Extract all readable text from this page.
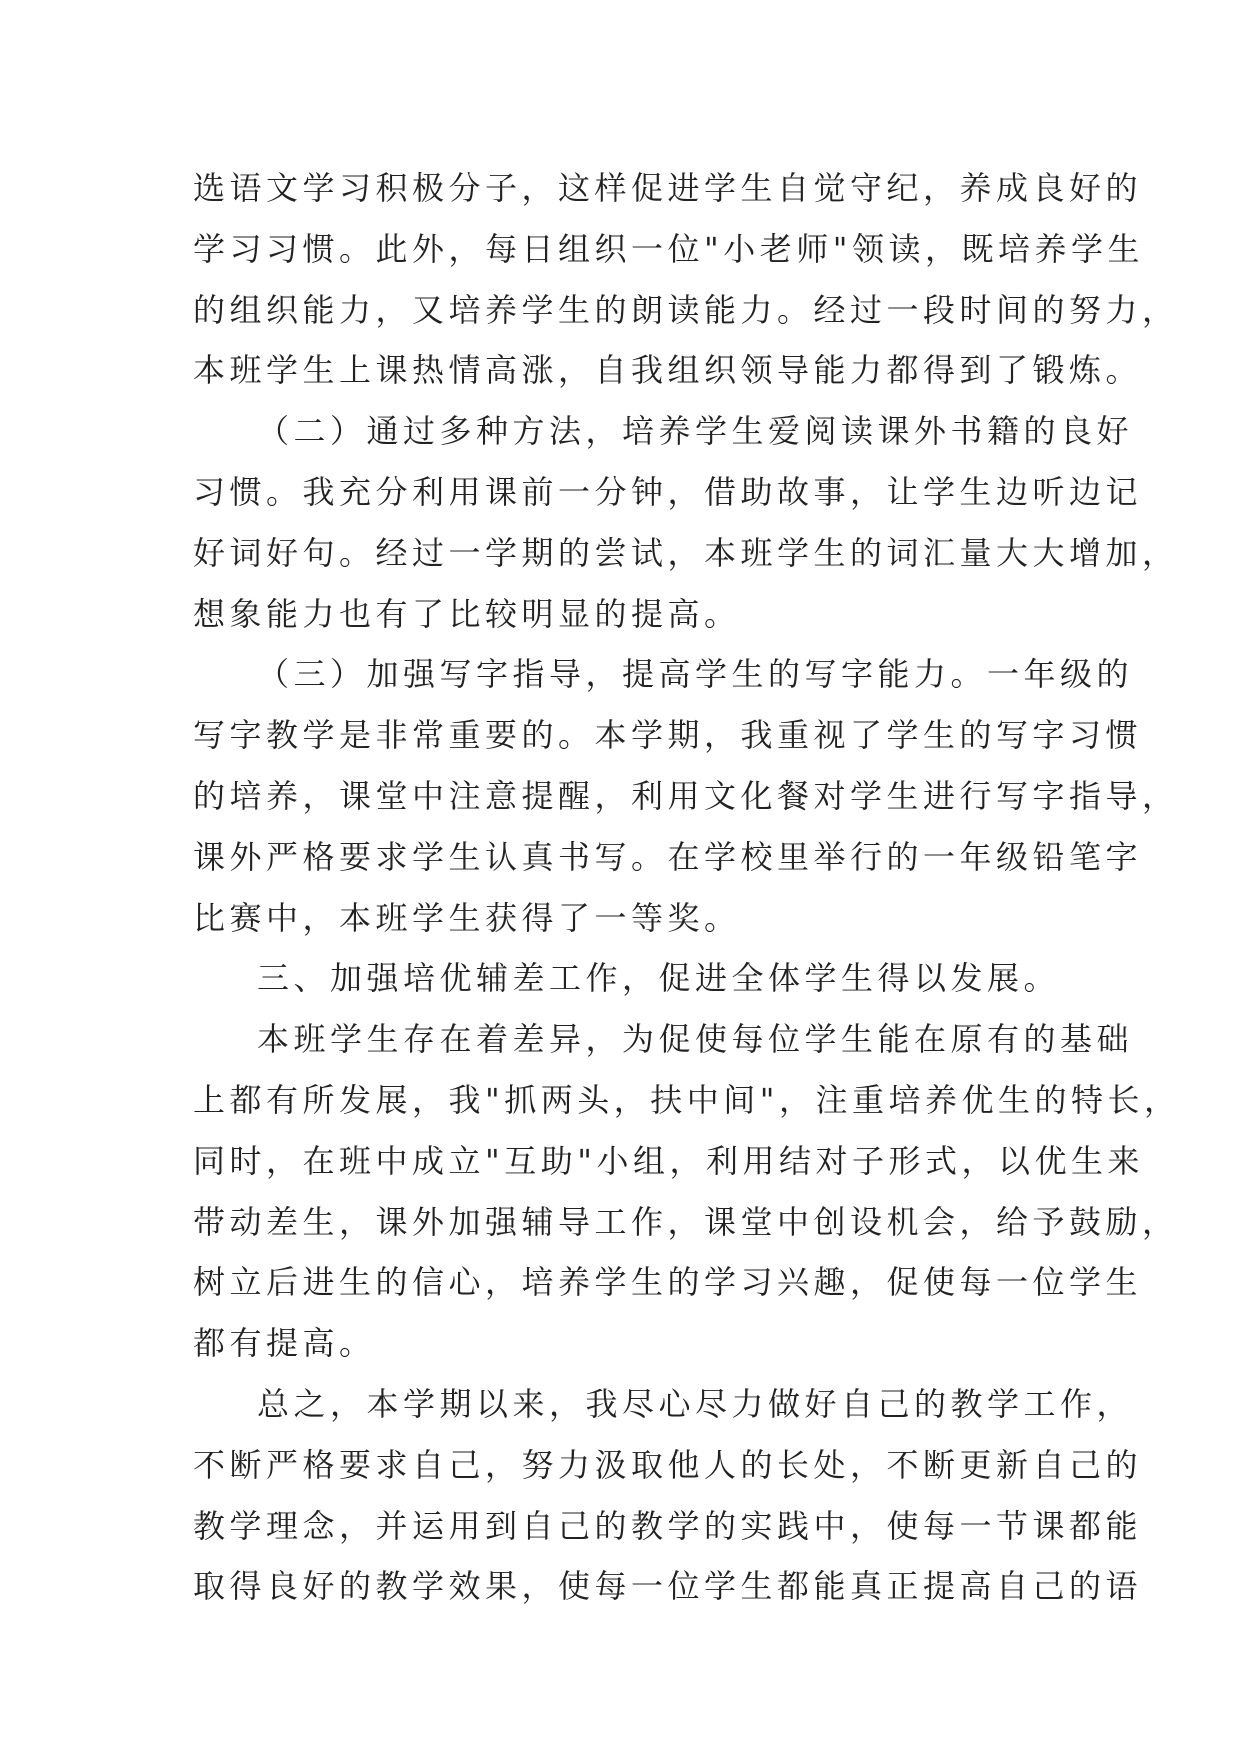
选语文学习积极分子，这样促进学生自觉守纪，养成良好的
学习习惯。此外，每日组织一位"小老师"领读，既培养学生
的组织能力，又培养学生的朗读能力。经过一段时间的努力，
本班学生上课热情高涨，自我组织领导能力都得到了锻炼。

（二）通过多种方法，培养学生爱阅读课外书籍的良好
习惯。我充分利用课前一分钟，借助故事，让学生边听边记
好词好句。经过一学期的尝试，本班学生的词汇量大大增加，
想象能力也有了比较明显的提高。

（三）加强写字指导，提高学生的写字能力。一年级的
写字教学是非常重要的。本学期，我重视了学生的写字习惯
的培养，课堂中注意提醒，利用文化餐对学生进行写字指导，
课外严格要求学生认真书写。在学校里举行的一年级铅笔字
比赛中，本班学生获得了一等奖。

三、加强培优辅差工作，促进全体学生得以发展。

本班学生存在着差异，为促使每位学生能在原有的基础
上都有所发展，我"抓两头，扶中间"，注重培养优生的特长，
同时，在班中成立"互助"小组，利用结对子形式，以优生来
带动差生，课外加强辅导工作，课堂中创设机会，给予鼓励，
树立后进生的信心，培养学生的学习兴趣，促使每一位学生
都有提高。

总之，本学期以来，我尽心尽力做好自己的教学工作，
不断严格要求自己，努力汲取他人的长处，不断更新自己的
教学理念，并运用到自己的教学的实践中，使每一节课都能
取得良好的教学效果，使每一位学生都能真正提高自己的语
